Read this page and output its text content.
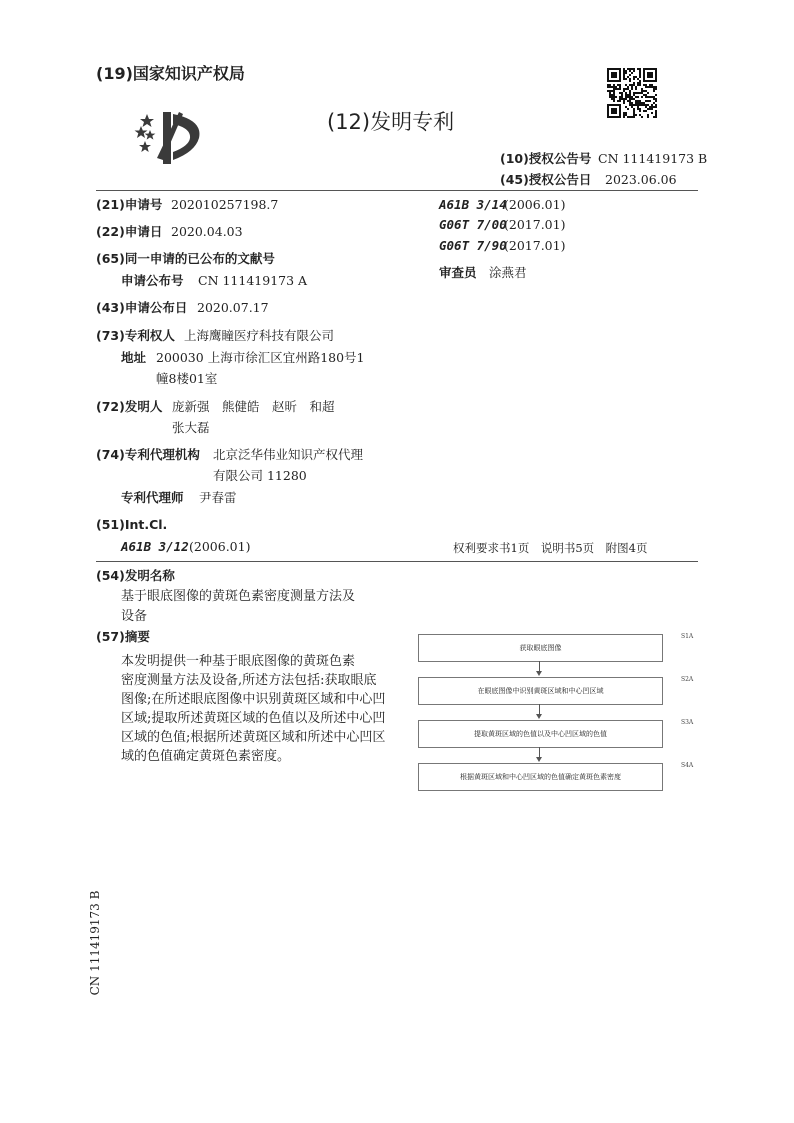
(19)国家知识产权局
(12)发明专利
(10)授权公告号 CN 111419173 B
(45)授权公告日 2023.06.06
(21)申请号 202010257198.7
(22)申请日 2020.04.03
(65)同一申请的已公布的文献号
申请公布号 CN 111419173 A
(43)申请公布日 2020.07.17
(73)专利权人 上海鹰瞳医疗科技有限公司
地址 200030 上海市徐汇区宜州路180号1
幢8楼01室
(72)发明人 庞新强　熊健皓　赵昕　和超
张大磊
(74)专利代理机构 北京泛华伟业知识产权代理
有限公司 11280
专利代理师 尹春雷
(51)Int.Cl.
A61B 3/12 (2006.01)
A61B 3/14
(2006.01)
G06T 7/00
(2017.01)
G06T 7/90
(2017.01)
审查员 涂燕君
权利要求书1页　说明书5页　附图4页
(54)发明名称
基于眼底图像的黄斑色素密度测量方法及
设备
(57)摘要
本发明提供一种基于眼底图像的黄斑色素
密度测量方法及设备,所述方法包括:获取眼底
图像;在所述眼底图像中识别黄斑区域和中心凹
区域;提取所述黄斑区域的色值以及所述中心凹
区域的色值;根据所述黄斑区域和所述中心凹区
域的色值确定黄斑色素密度。
获取眼底图像
S1A
在眼底图像中识别黄斑区域和中心凹区域
S2A
提取黄斑区域的色值以及中心凹区域的色值
S3A
根据黄斑区域和中心凹区域的色值确定黄斑色素密度
S4A
CN 111419173 B
